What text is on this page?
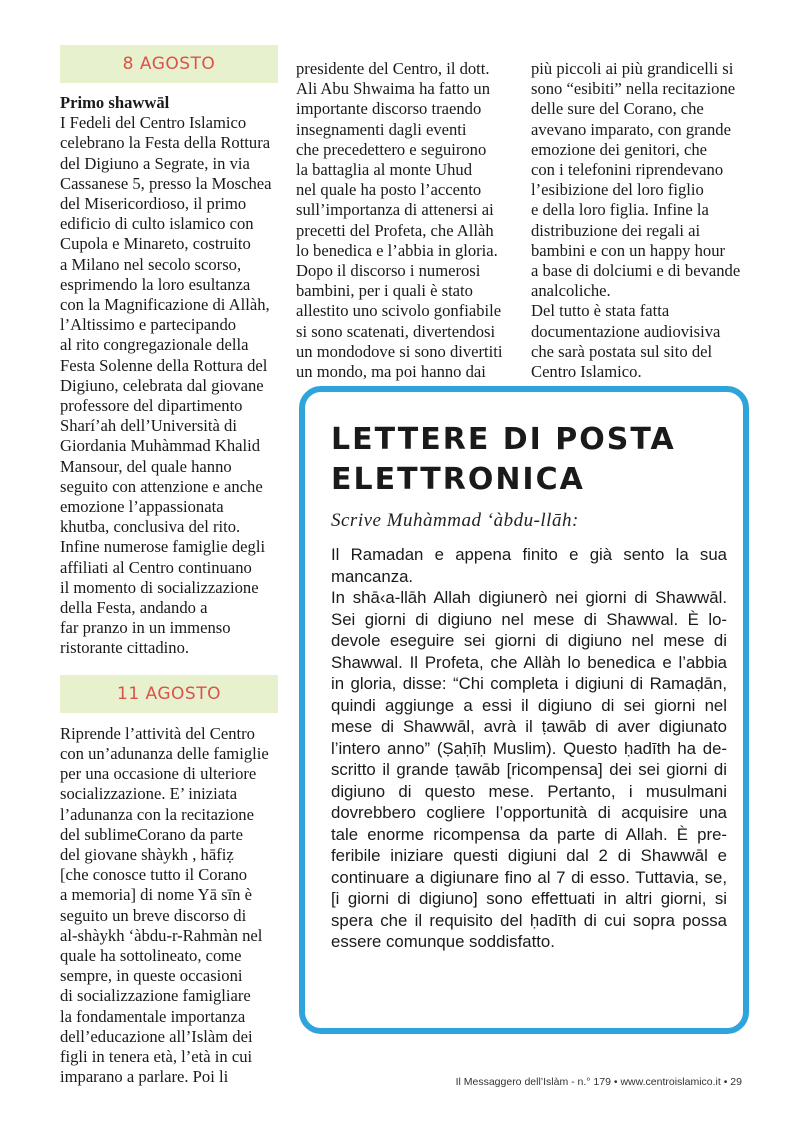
8 AGOSTO

Primo shawwāl

I Fedeli del Centro Islamico
celebrano la Festa della Rottura
del Digiuno a Segrate, in via
Cassanese 5, presso la Moschea
del Misericordioso, il primo
edificio di culto islamico con
Cupola e Minareto, costruito
a Milano nel secolo scorso,
esprimendo la loro esultanza
con la Magnificazione di Allàh,
l’Altissimo e partecipando
al rito congregazionale della
Festa Solenne della Rottura del
Digiuno, celebrata dal giovane
professore del dipartimento
Sharí’ah dell’Università di
Giordania Muhàmmad Khalid
Mansour, del quale hanno
seguito con attenzione e anche
emozione l’appassionata
khutba, conclusiva del rito.
Infine numerose famiglie degli
affiliati al Centro continuano
il momento di socializzazione
della Festa, andando a
far pranzo in un immenso
ristorante cittadino.

11 AGOSTO

Riprende l’attività del Centro
con un’adunanza delle famiglie
per una occasione di ulteriore
socializzazione. E’ iniziata
l’adunanza con la recitazione
del sublimeCorano da parte
del giovane shàykh , hāfiẓ
[che conosce tutto il Corano
a memoria] di nome Yā sīn è
seguito un breve discorso di
al-shàykh ‘àbdu-r-Rahmàn nel
quale ha sottolineato, come
sempre, in queste occasioni
di socializzazione famigliare
la fondamentale importanza
dell’educazione all’Islàm dei
figli in tenera età, l’età in cui
imparano a parlare. Poi li

presidente del Centro, il dott.
Ali Abu Shwaima ha fatto un
importante discorso traendo
insegnamenti dagli eventi
che precedettero e seguirono
la battaglia al monte Uhud
nel quale ha posto l’accento
sull’importanza di attenersi ai
precetti del Profeta, che Allàh
lo benedica e l’abbia in gloria.
Dopo il discorso i numerosi
bambini, per i quali è stato
allestito uno scivolo gonfiabile
si sono scatenati, divertendosi
un mondodove si sono divertiti
un mondo, ma poi hanno dai

più piccoli ai più grandicelli si
sono “esibiti” nella recitazione
delle sure del Corano, che
avevano imparato, con grande
emozione dei genitori, che
con i telefonini riprendevano
l’esibizione del loro figlio
e della loro figlia. Infine la
distribuzione dei regali ai
bambini e con un happy hour
a base di dolciumi e di bevande
analcoliche.
Del tutto è stata fatta
documentazione audiovisiva
che sarà postata sul sito del
Centro Islamico.

LETTERE DI POSTA
ELETTRONICA

Scrive Muhàmmad ‘àbdu-llāh:

Il Ramadan e appena finito e già sento la sua mancanza.
In shā‹a-llāh Allah digiunerò nei giorni di Shawwāl. Sei giorni di digiuno nel mese di Shawwal. È lo-devole eseguire sei giorni di digiuno nel mese di Shawwal. Il Profeta, che Allàh lo benedica e l’abbia in gloria, disse: “Chi completa i digiuni di Ramaḍān, quindi aggiunge a essi il digiuno di sei giorni nel mese di Shawwāl, avrà il ṭawāb di aver digiunato l’intero anno” (Ṣaḥīḥ Muslim). Questo ḥadīth ha de-scritto il grande ṭawāb [ricompensa] dei sei giorni di digiuno di questo mese. Pertanto, i musulmani dovrebbero cogliere l’opportunità di acquisire una tale enorme ricompensa da parte di Allah. È pre-feribile iniziare questi digiuni dal 2 di Shawwāl e continuare a digiunare fino al 7 di esso. Tuttavia, se, [i giorni di digiuno] sono effettuati in altri giorni, si spera che il requisito del ḥadīth di cui sopra possa essere comunque soddisfatto.

Il Messaggero dell’Islàm - n.° 179 • www.centroislamico.it • 29
